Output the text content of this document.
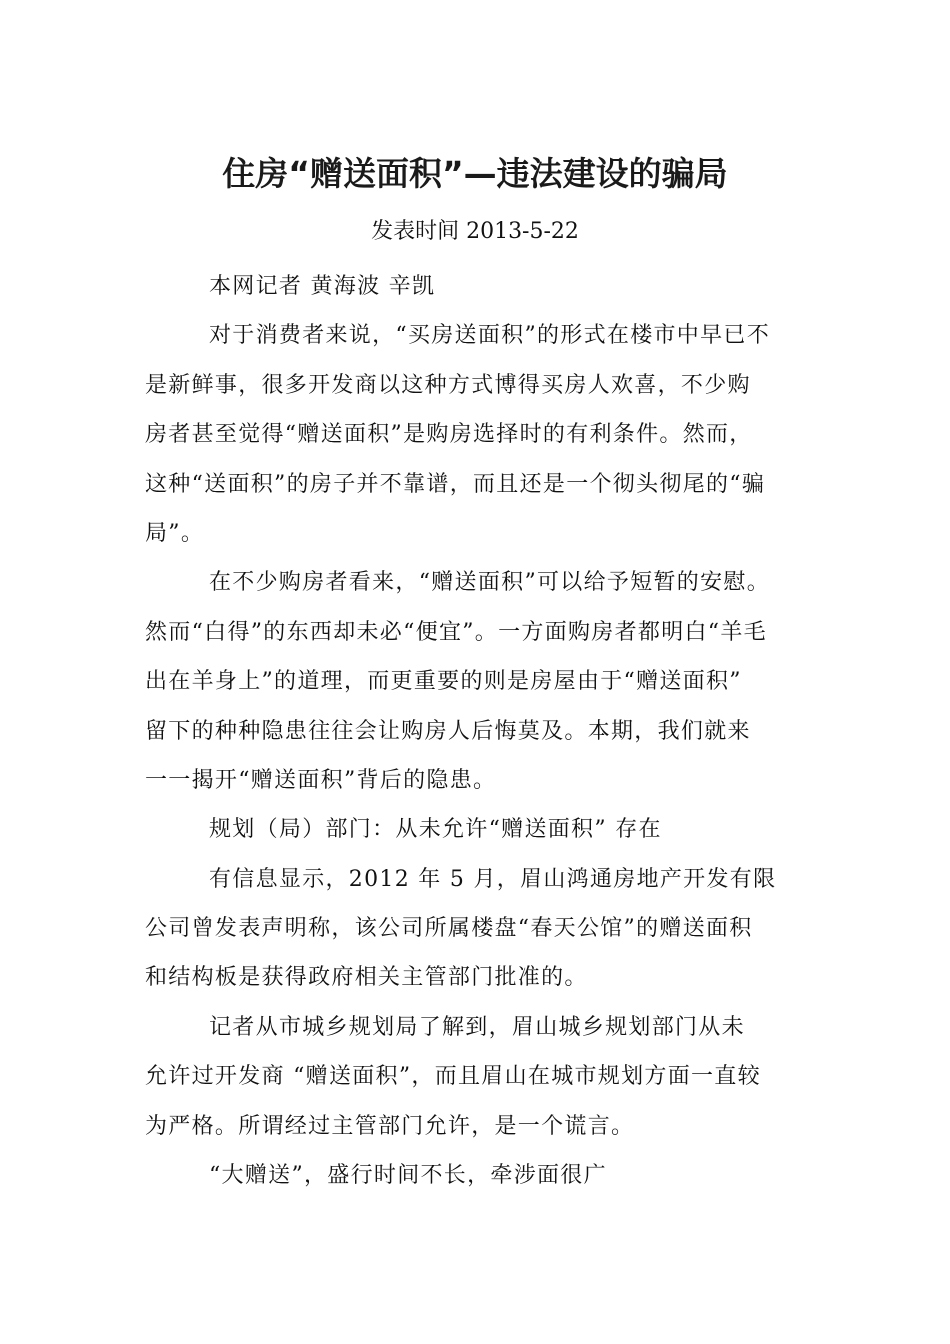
住房“赠送面积”—违法建设的骗局
发表时间 2013-5-22
本网记者 黄海波 辛凯
对于消费者来说，“买房送面积”的形式在楼市中早已不
是新鲜事，很多开发商以这种方式博得买房人欢喜，不少购
房者甚至觉得“赠送面积”是购房选择时的有利条件。然而，
这种“送面积”的房子并不靠谱，而且还是一个彻头彻尾的“骗
局”。
在不少购房者看来，“赠送面积”可以给予短暂的安慰。
然而“白得”的东西却未必“便宜”。一方面购房者都明白“羊毛
出在羊身上”的道理，而更重要的则是房屋由于“赠送面积”
留下的种种隐患往往会让购房人后悔莫及。本期，我们就来
一一揭开“赠送面积”背后的隐患。
规划（局）部门：从未允许“赠送面积” 存在
有信息显示，2012 年 5 月，眉山鸿通房地产开发有限
公司曾发表声明称，该公司所属楼盘“春天公馆”的赠送面积
和结构板是获得政府相关主管部门批准的。
记者从市城乡规划局了解到，眉山城乡规划部门从未
允许过开发商 “赠送面积”，而且眉山在城市规划方面一直较
为严格。所谓经过主管部门允许，是一个谎言。
“大赠送”，盛行时间不长，牵涉面很广
